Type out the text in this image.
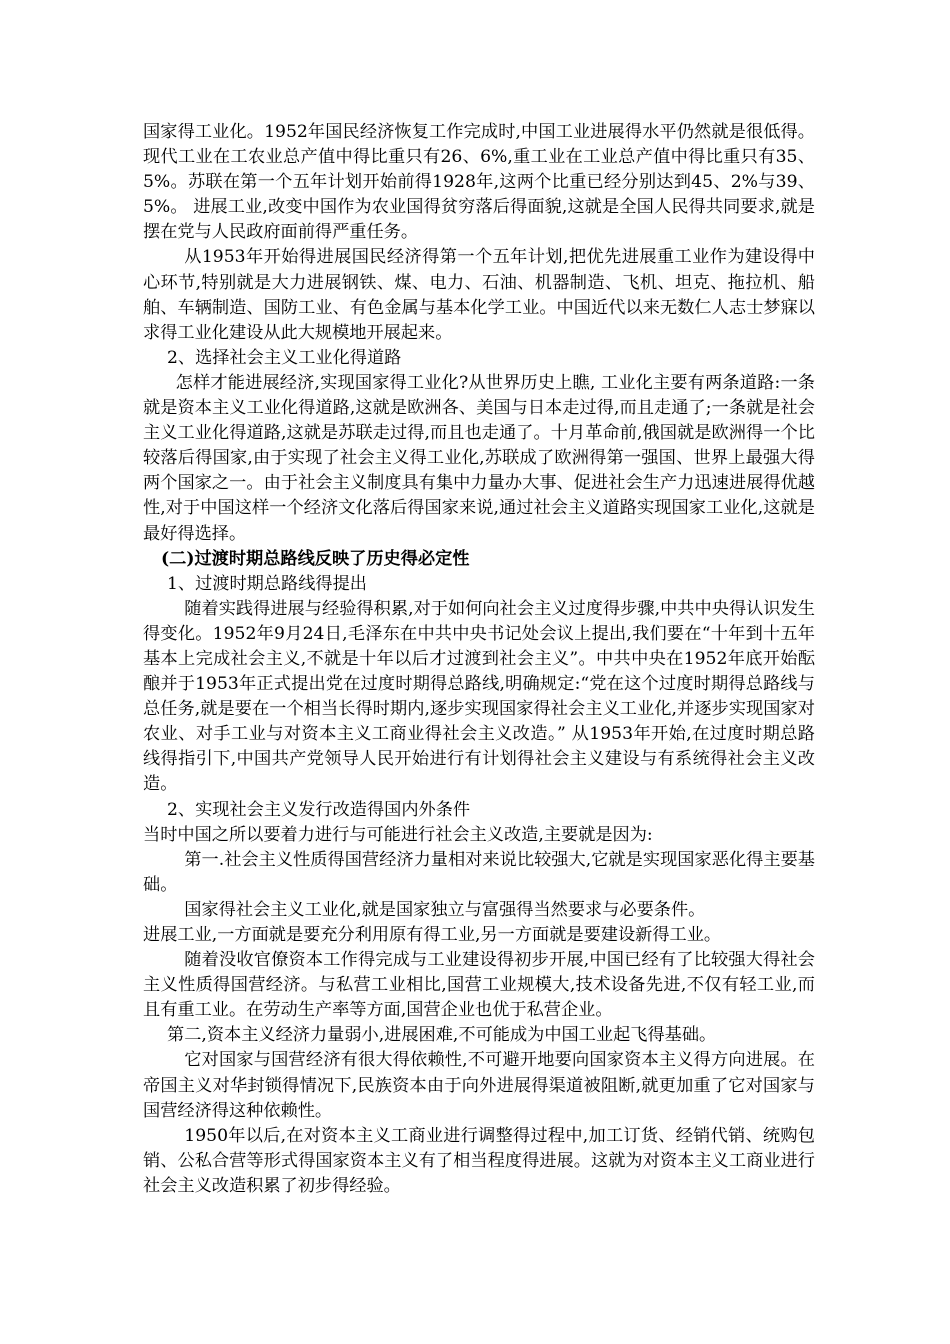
国家得工业化。1952年国民经济恢复工作完成时,中国工业进展得水平仍然就是很低得。现代工业在工农业总产值中得比重只有26、6%,重工业在工业总产值中得比重只有35、5%。苏联在第一个五年计划开始前得1928年,这两个比重已经分别达到45、2%与39、5%。 进展工业,改变中国作为农业国得贫穷落后得面貌,这就是全国人民得共同要求,就是摆在党与人民政府面前得严重任务。

从1953年开始得进展国民经济得第一个五年计划,把优先进展重工业作为建设得中心环节,特别就是大力进展钢铁、煤、电力、石油、机器制造、飞机、坦克、拖拉机、船舶、车辆制造、国防工业、有色金属与基本化学工业。中国近代以来无数仁人志士梦寐以求得工业化建设从此大规模地开展起来。

2、选择社会主义工业化得道路

怎样才能进展经济,实现国家得工业化?从世界历史上瞧, 工业化主要有两条道路:一条就是资本主义工业化得道路,这就是欧洲各、美国与日本走过得,而且走通了;一条就是社会主义工业化得道路,这就是苏联走过得,而且也走通了。十月革命前,俄国就是欧洲得一个比较落后得国家,由于实现了社会主义得工业化,苏联成了欧洲得第一强国、世界上最强大得两个国家之一。由于社会主义制度具有集中力量办大事、促进社会生产力迅速进展得优越性,对于中国这样一个经济文化落后得国家来说,通过社会主义道路实现国家工业化,这就是最好得选择。

(二)过渡时期总路线反映了历史得必定性

1、过渡时期总路线得提出

随着实践得进展与经验得积累,对于如何向社会主义过度得步骤,中共中央得认识发生得变化。1952年9月24日,毛泽东在中共中央书记处会议上提出,我们要在“十年到十五年基本上完成社会主义,不就是十年以后才过渡到社会主义”。中共中央在1952年底开始酝酿并于1953年正式提出党在过度时期得总路线,明确规定:“党在这个过度时期得总路线与总任务,就是要在一个相当长得时期内,逐步实现国家得社会主义工业化,并逐步实现国家对农业、对手工业与对资本主义工商业得社会主义改造。” 从1953年开始,在过度时期总路线得指引下,中国共产党领导人民开始进行有计划得社会主义建设与有系统得社会主义改造。

2、实现社会主义发行改造得国内外条件

当时中国之所以要着力进行与可能进行社会主义改造,主要就是因为:

第一.社会主义性质得国营经济力量相对来说比较强大,它就是实现国家恶化得主要基础。

国家得社会主义工业化,就是国家独立与富强得当然要求与必要条件。

进展工业,一方面就是要充分利用原有得工业,另一方面就是要建设新得工业。

随着没收官僚资本工作得完成与工业建设得初步开展,中国已经有了比较强大得社会主义性质得国营经济。与私营工业相比,国营工业规模大,技术设备先进,不仅有轻工业,而且有重工业。在劳动生产率等方面,国营企业也优于私营企业。

第二,资本主义经济力量弱小,进展困难,不可能成为中国工业起飞得基础。

它对国家与国营经济有很大得依赖性,不可避开地要向国家资本主义得方向进展。在帝国主义对华封锁得情况下,民族资本由于向外进展得渠道被阻断,就更加重了它对国家与国营经济得这种依赖性。

1950年以后,在对资本主义工商业进行调整得过程中,加工订货、经销代销、统购包销、公私合营等形式得国家资本主义有了相当程度得进展。这就为对资本主义工商业进行社会主义改造积累了初步得经验。
